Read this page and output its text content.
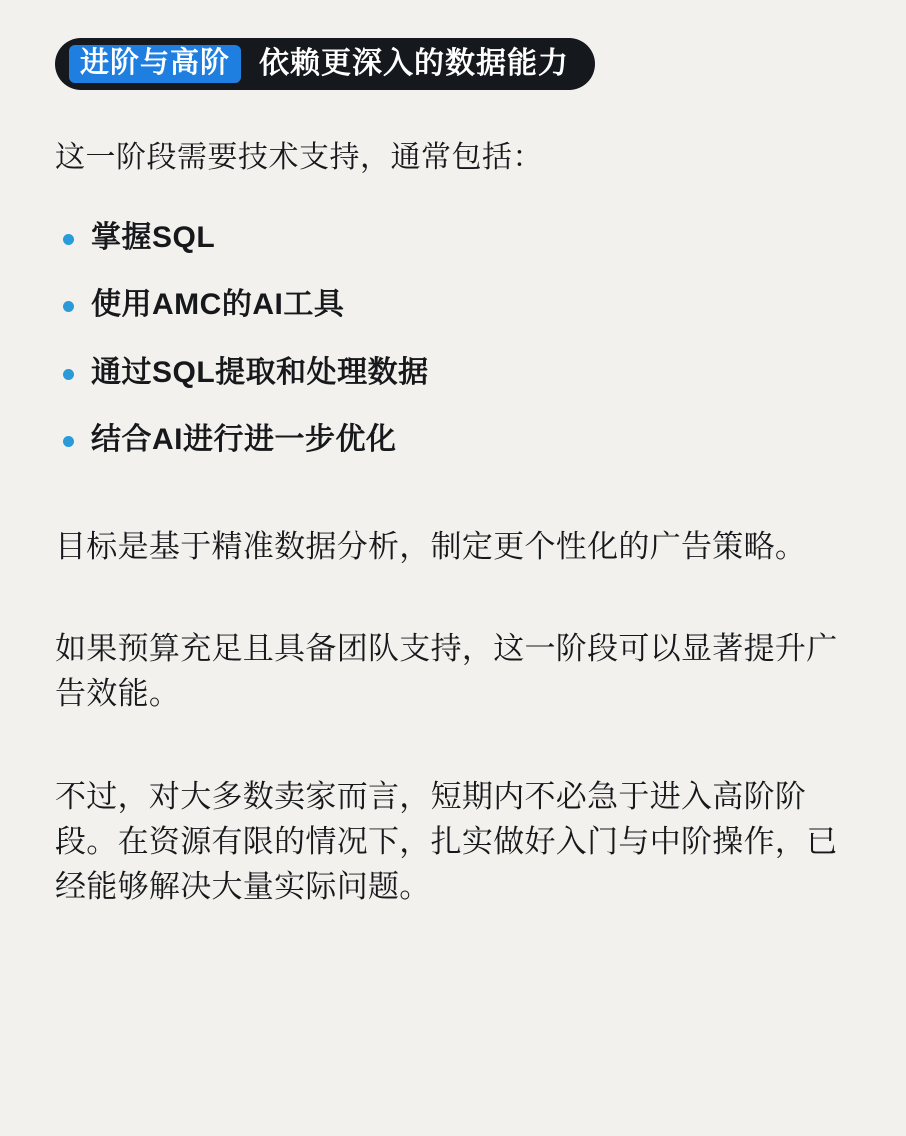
进阶与高阶 依赖更深入的数据能力
这一阶段需要技术支持，通常包括：
掌握SQL
使用AMC的AI工具
通过SQL提取和处理数据
结合AI进行进一步优化

目标是基于精准数据分析，制定更个性化的广告策略。

如果预算充足且具备团队支持，这一阶段可以显著提升广告效能。

不过，对大多数卖家而言，短期内不必急于进入高阶阶段。在资源有限的情况下，扎实做好入门与中阶操作，已经能够解决大量实际问题。
